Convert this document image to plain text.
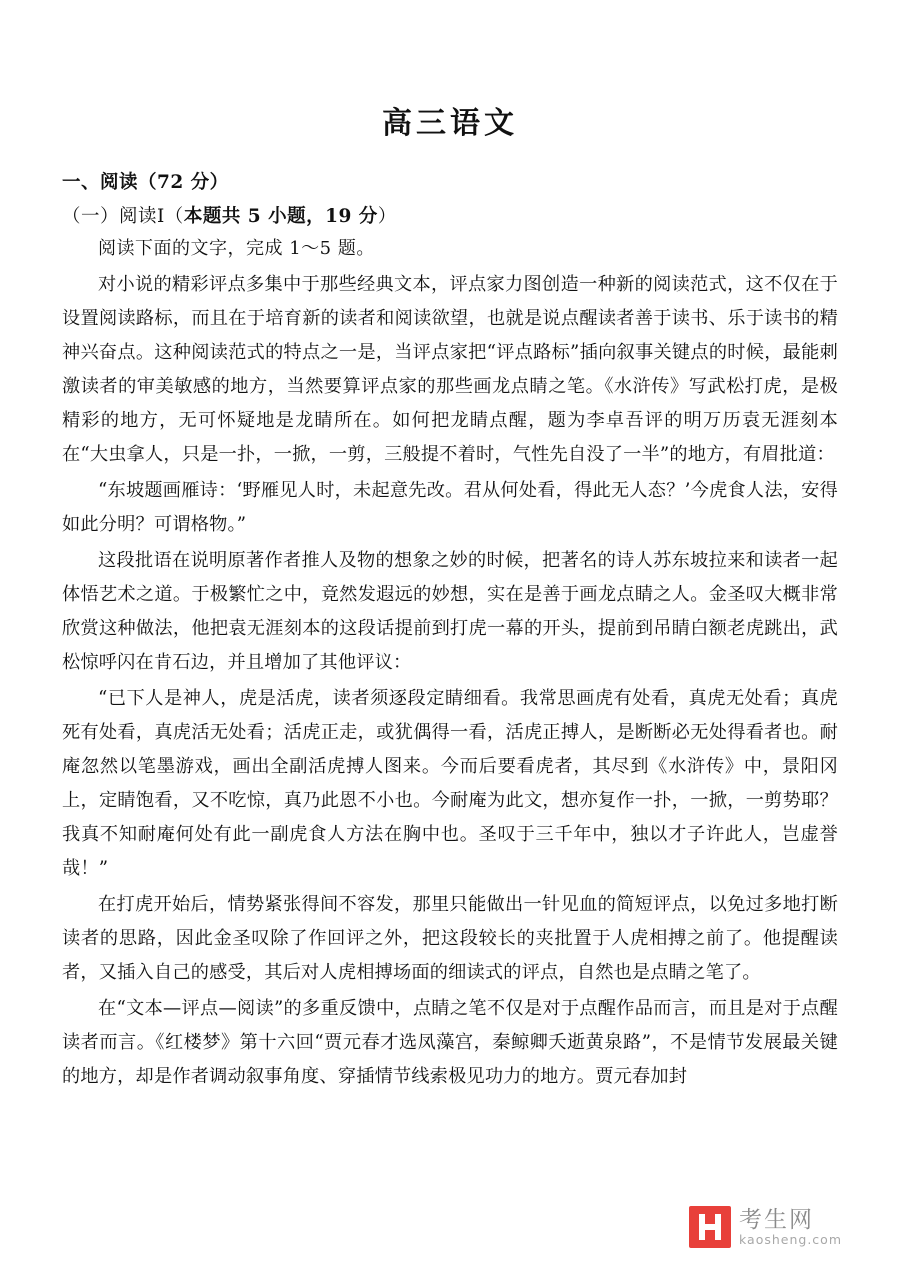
高三语文
一、阅读（72 分）
（一）阅读I（本题共 5 小题，19 分）
阅读下面的文字，完成 1～5 题。

对小说的精彩评点多集中于那些经典文本，评点家力图创造一种新的阅读范式，这不仅在于设置阅读路标，而且在于培育新的读者和阅读欲望，也就是说点醒读者善于读书、乐于读书的精神兴奋点。这种阅读范式的特点之一是，当评点家把“评点路标”插向叙事关键点的时候，最能刺激读者的审美敏感的地方，当然要算评点家的那些画龙点睛之笔。《水浒传》写武松打虎，是极精彩的地方，无可怀疑地是龙睛所在。如何把龙睛点醒，题为李卓吾评的明万历袁无涯刻本在“大虫拿人，只是一扑，一掀，一剪，三般提不着时，气性先自没了一半”的地方，有眉批道：

“东坡题画雁诗：‘野雁见人时，未起意先改。君从何处看，得此无人态？’今虎食人法，安得如此分明？可谓格物。”

这段批语在说明原著作者推人及物的想象之妙的时候，把著名的诗人苏东坡拉来和读者一起体悟艺术之道。于极繁忙之中，竟然发遐远的妙想，实在是善于画龙点睛之人。金圣叹大概非常欣赏这种做法，他把袁无涯刻本的这段话提前到打虎一幕的开头，提前到吊睛白额老虎跳出，武松惊呼闪在肯石边，并且增加了其他评议：

“已下人是神人，虎是活虎，读者须逐段定睛细看。我常思画虎有处看，真虎无处看；真虎死有处看，真虎活无处看；活虎正走，或犹偶得一看，活虎正搏人，是断断必无处得看者也。耐庵忽然以笔墨游戏，画出全副活虎搏人图来。今而后要看虎者，其尽到《水浒传》中，景阳冈上，定睛饱看，又不吃惊，真乃此恩不小也。今耐庵为此文，想亦复作一扑，一掀，一剪势耶？我真不知耐庵何处有此一副虎食人方法在胸中也。圣叹于三千年中，独以才子许此人，岂虚誉哉！”

在打虎开始后，情势紧张得间不容发，那里只能做出一针见血的简短评点，以免过多地打断读者的思路，因此金圣叹除了作回评之外，把这段较长的夹批置于人虎相搏之前了。他提醒读者，又插入自己的感受，其后对人虎相搏场面的细读式的评点，自然也是点睛之笔了。

在“文本—评点—阅读”的多重反馈中，点睛之笔不仅是对于点醒作品而言，而且是对于点醒读者而言。《红楼梦》第十六回“贾元春才选凤藻宫，秦鲸卿夭逝黄泉路”，不是情节发展最关键的地方，却是作者调动叙事角度、穿插情节线索极见功力的地方。贾元春加封

考生网
kaosheng.com
